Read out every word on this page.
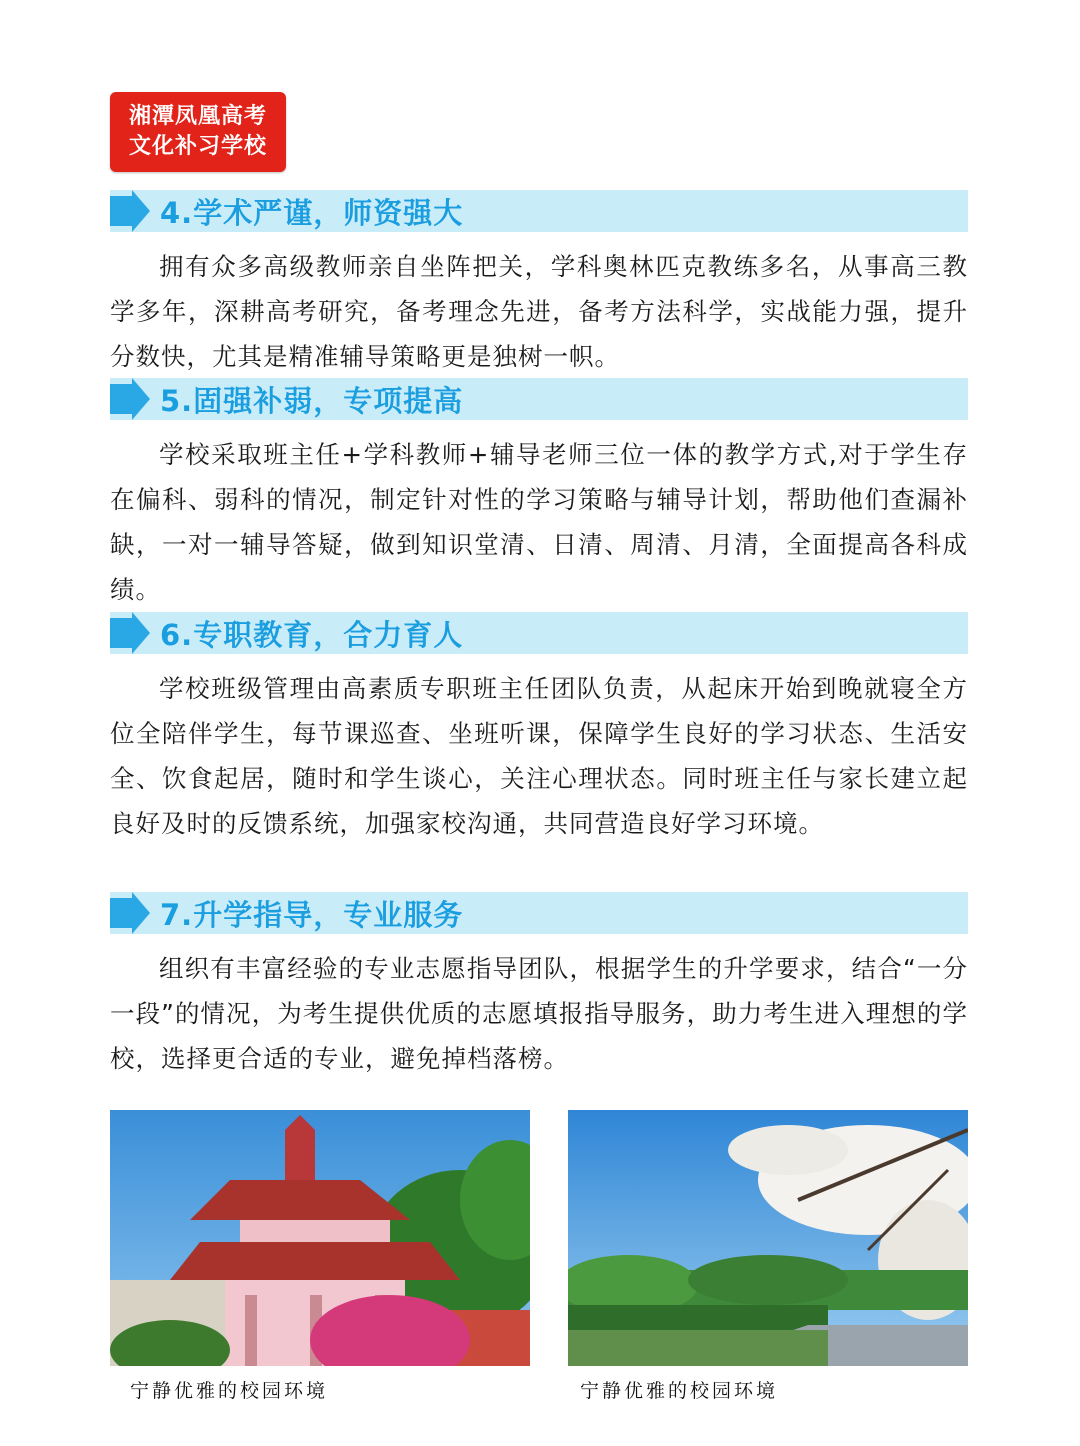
湘潭凤凰高考
文化补习学校
4.学术严谨，师资强大

拥有众多高级教师亲自坐阵把关，学科奥林匹克教练多名，从事高三教学多年，深耕高考研究，备考理念先进，备考方法科学，实战能力强，提升分数快，尤其是精准辅导策略更是独树一帜。

5.固强补弱，专项提高

学校采取班主任+学科教师+辅导老师三位一体的教学方式,对于学生存在偏科、弱科的情况，制定针对性的学习策略与辅导计划，帮助他们查漏补缺，一对一辅导答疑，做到知识堂清、日清、周清、月清，全面提高各科成绩。

6.专职教育，合力育人

学校班级管理由高素质专职班主任团队负责，从起床开始到晚就寝全方位全陪伴学生，每节课巡查、坐班听课，保障学生良好的学习状态、生活安全、饮食起居，随时和学生谈心，关注心理状态。同时班主任与家长建立起良好及时的反馈系统，加强家校沟通，共同营造良好学习环境。

7.升学指导，专业服务

组织有丰富经验的专业志愿指导团队，根据学生的升学要求，结合“一分一段”的情况，为考生提供优质的志愿填报指导服务，助力考生进入理想的学校，选择更合适的专业，避免掉档落榜。

宁静优雅的校园环境	宁静优雅的校园环境
